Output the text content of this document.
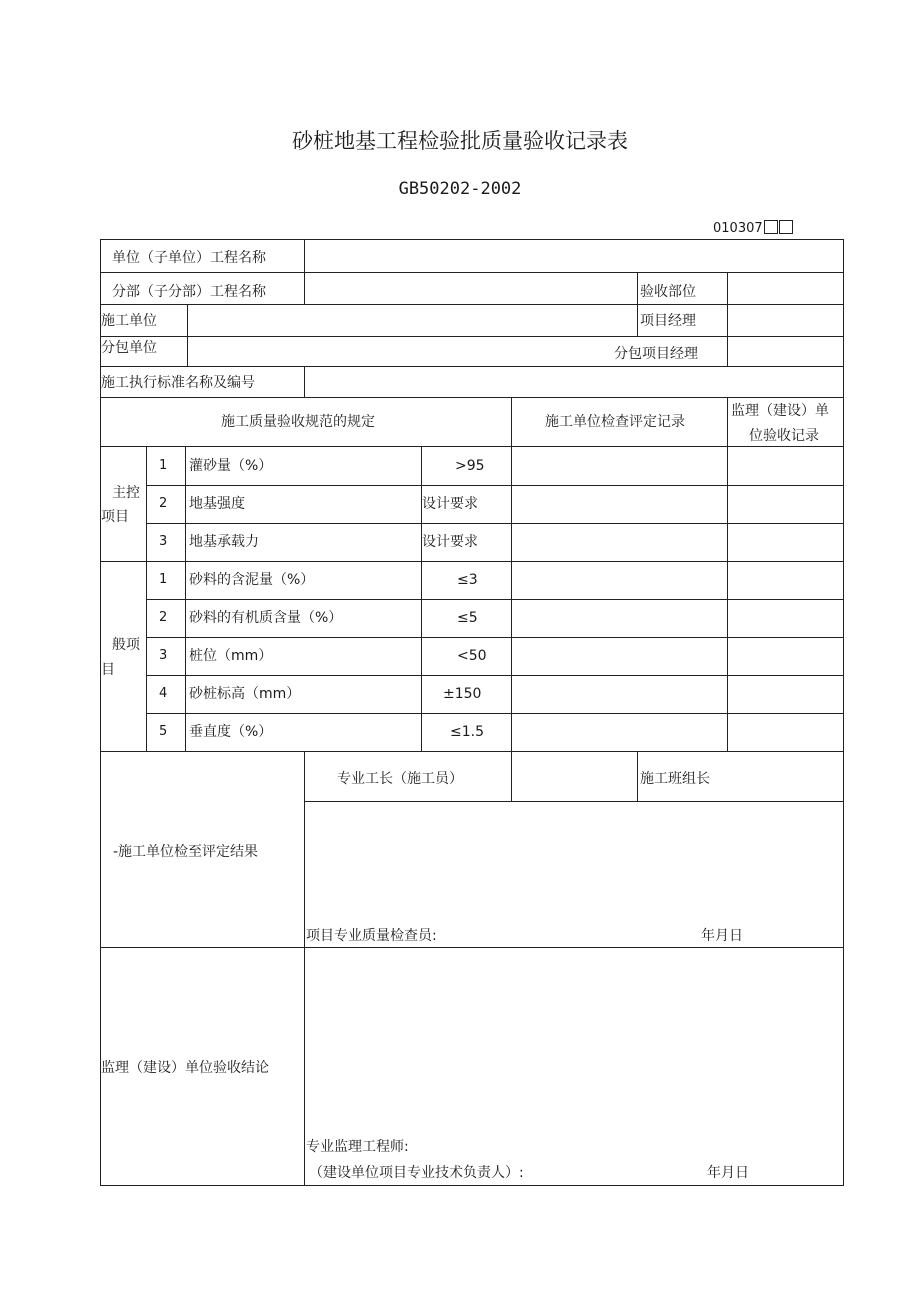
砂桩地基工程检验批质量验收记录表
GB50202-2002
010307
单位（子单位）工程名称
分部（子分部）工程名称	验收部位
施工单位	项目经理
分包单位	分包项目经理
施工执行标准名称及编号
施工质量验收规范的规定	施工单位检查评定记录
监理（建设）单
位验收记录
主控
项目
1 灌砂量（%）	>95
2 地基强度	设计要求
3 地基承载力	设计要求
般项
目
1 砂料的含泥量（%）	≤3
2 砂料的有机质含量（%）	≤5
3 桩位（mm）	<50
4 砂桩标高（mm）	±150
5 垂直度（%）	≤1.5
专业工长（施工员）	施工班组长
-施工单位检至评定结果
项目专业质量检查员:	年月日
监理（建设）单位验收结论
专业监理工程师:
（建设单位项目专业技术负责人）:	年月日
